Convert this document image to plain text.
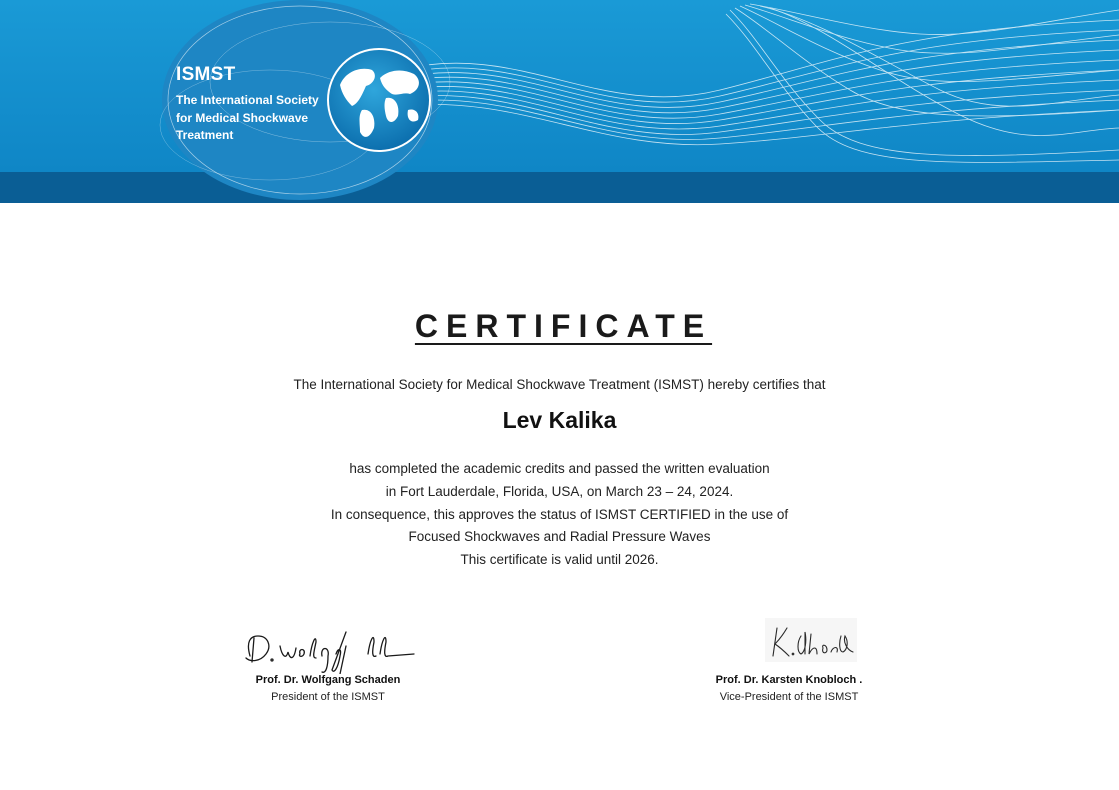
ISMST
The International Society
for Medical Shockwave
Treatment
CERTIFICATE
The International Society for Medical Shockwave Treatment (ISMST) hereby certifies that
Lev Kalika
has completed the academic credits and passed the written evaluation
in Fort Lauderdale, Florida, USA, on March 23 – 24, 2024.
In consequence, this approves the status of ISMST CERTIFIED in the use of
Focused Shockwaves and Radial Pressure Waves
This certificate is valid until 2026.
Prof. Dr. Wolfgang Schaden
President of the ISMST
Prof. Dr. Karsten Knobloch .
Vice-President of the ISMST
